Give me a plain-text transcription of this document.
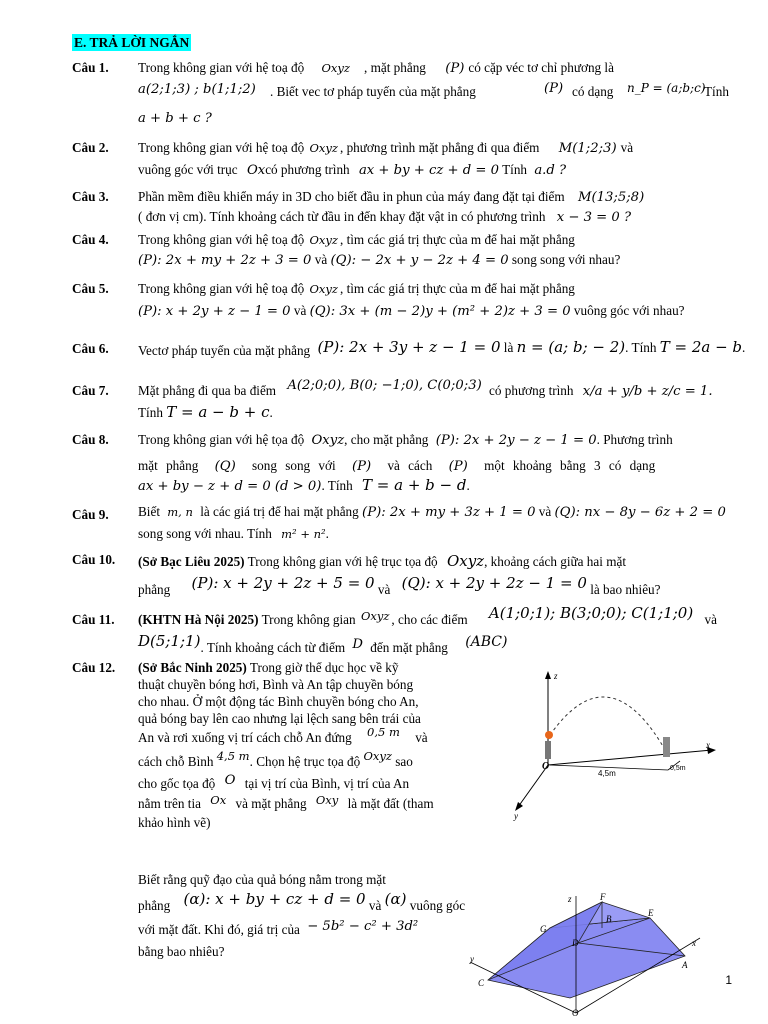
E. TRẢ LỜI NGẮN
Câu 1.	Trong không gian với hệ toạ độ Oxyz , mặt phẳng (P) có cặp véc tơ chỉ phương là
a(2;1;3) ; b(1;1;2) . Biết vec tơ pháp tuyến của mặt phẳng	(P) có dạng n_P = (a;b;c)
Tính
a + b + c ?
Câu 2.	Trong không gian với hệ toạ độ Oxyz , phương trình mặt phẳng đi qua điểm M(1;2;3) và
vuông góc với trục Oxcó phương trình ax + by + cz + d = 0 Tính a.d ?
Câu 3.	Phần mềm điều khiển máy in 3D cho biết đầu in phun của máy đang đặt tại điểm M(13;5;8)
( đơn vị cm). Tính khoảng cách từ đầu in đến khay đặt vật in có phương trình x − 3 = 0 ?
Câu 4.	Trong không gian với hệ toạ độ Oxyz , tìm các giá trị thực của m để hai mặt phẳng
(P): 2x + my + 2z + 3 = 0 và (Q): − 2x + y − 2z + 4 = 0 song song với nhau?
Câu 5.	Trong không gian với hệ toạ độ Oxyz , tìm các giá trị thực của m để hai mặt phẳng
(P): x + 2y + z − 1 = 0 và (Q): 3x + (m − 2)y + (m² + 2)z + 3 = 0 vuông góc với nhau?
Câu 6.	Vectơ pháp tuyến của mặt phẳng (P): 2x + 3y + z − 1 = 0 là n = (a; b; − 2). Tính T = 2a − b.
Câu 7.	Mặt phẳng đi qua ba điểm A(2;0;0), B(0; −1;0), C(0;0;3) có phương trình x/a + y/b + z/c = 1.
Tính T = a − b + c.
Câu 8.	Trong không gian với hệ tọa độ Oxyz, cho mặt phẳng (P): 2x + 2y − z − 1 = 0. Phương trình
mặt phẳng (Q) song song với (P) và cách (P) một khoảng bằng 3 có dạng
ax + by − z + d = 0 (d > 0). Tính T = a + b − d.
Câu 9.	Biết m, n là các giá trị để hai mặt phẳng (P): 2x + my + 3z + 1 = 0 và (Q): nx − 8y − 6z + 2 = 0
song song với nhau. Tính m² + n².
Câu 10.	(Sở Bạc Liêu 2025) Trong không gian với hệ trục tọa độ Oxyz, khoảng cách giữa hai mặt
phẳng (P): x + 2y + 2z + 5 = 0 và (Q): x + 2y + 2z − 1 = 0 là bao nhiêu?
Câu 11.	(KHTN Hà Nội 2025) Trong không gian Oxyz , cho các điểm A(1;0;1); B(3;0;0); C(1;1;0) và
D(5;1;1). Tính khoảng cách từ điểm D đến mặt phẳng (ABC)
Câu 12.	(Sở Bắc Ninh 2025) Trong giờ thể dục học về kỹ
thuật chuyền bóng hơi, Bình và An tập chuyền bóng
cho nhau. Ở một động tác Bình chuyền bóng cho An,
quả bóng bay lên cao nhưng lại lệch sang bên trái của
An và rơi xuống vị trí cách chỗ An đứng 0,5 m và
cách chỗ Bình 4,5 m. Chọn hệ trục tọa độ Oxyz sao
cho gốc tọa độ O tại vị trí của Bình, vị trí của An
nằm trên tia Ox và mặt phẳng Oxy là mặt đất (tham
khảo hình vẽ)
Biết rằng quỹ đạo của quả bóng nằm trong mặt
phẳng (α): x + by + cz + d = 0 và (α) vuông góc
với mặt đất. Khi đó, giá trị của − 5b² − c² + 3d²
bằng bao nhiêu?
z
x
y
O
4,5m
0,5m
z
y
x
O
F
G
B
E
D
C
A
1
